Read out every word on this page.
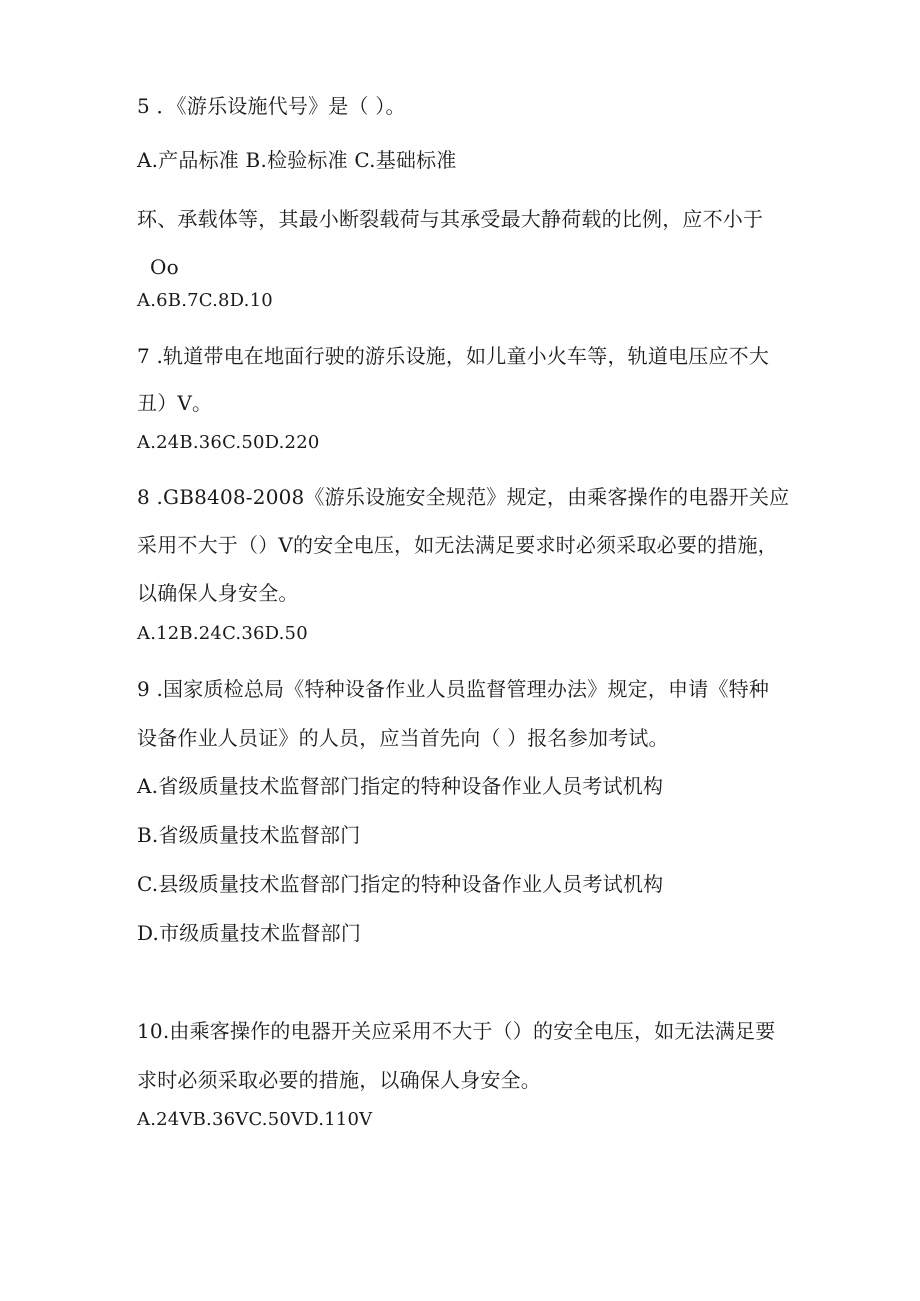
5 ．《游乐设施代号》是（ ）。
A.产品标准 B.检验标准 C.基础标准
环、承载体等，其最小断裂载荷与其承受最大静荷载的比例，应不小于
Oo
A.6B.7C.8D.10
7 .轨道带电在地面行驶的游乐设施，如儿童小火车等，轨道电压应不大
丑）V。
A.24B.36C.50D.220
8 .GB8408-2008《游乐设施安全规范》规定，由乘客操作的电器开关应
采用不大于（）V的安全电压，如无法满足要求时必须采取必要的措施，
以确保人身安全。
A.12B.24C.36D.50
9 .国家质检总局《特种设备作业人员监督管理办法》规定，申请《特种
设备作业人员证》的人员，应当首先向（ ）报名参加考试。
A.省级质量技术监督部门指定的特种设备作业人员考试机构
B.省级质量技术监督部门
C.县级质量技术监督部门指定的特种设备作业人员考试机构
D.市级质量技术监督部门
10.由乘客操作的电器开关应采用不大于（）的安全电压，如无法满足要
求时必须采取必要的措施，以确保人身安全。
A.24VB.36VC.50VD.110V
